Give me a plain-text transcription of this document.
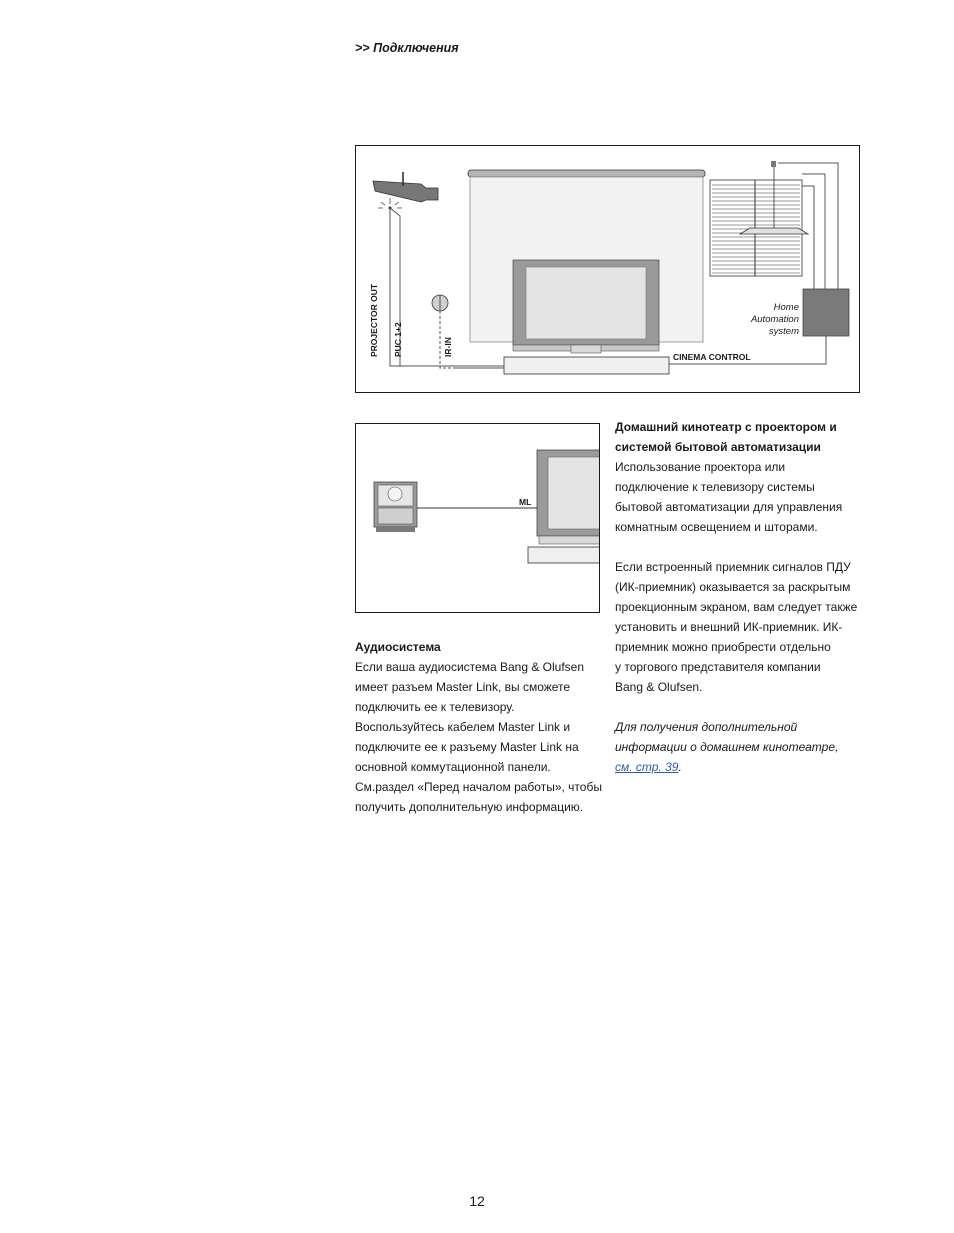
>> Подключения
Home
Automation
system
CINEMA CONTROL
PROJECTOR OUT PUC 1+2	IR-IN
ML

Аудиосистема

Если ваша аудиосистема Bang & Olufsen

имеет разъем Master Link, вы сможете

подключить ее к телевизору.

Воспользуйтесь кабелем Master Link и

подключите ее к разъему Master Link на

основной коммутационной панели.

См.раздел «Перед началом работы», чтобы

получить дополнительную информацию.

Домашний кинотеатр с проектором и

системой бытовой автоматизации

Использование проектора или

подключение к телевизору системы

бытовой автоматизации для управления

комнатным освещением и шторами.

Если встроенный приемник сигналов ПДУ

(ИК-приемник) оказывается за раскрытым

проекционным экраном, вам следует также

установить и внешний ИК-приемник. ИК-

приемник можно приобрести отдельно

у торгового представителя компании

Bang & Olufsen.

Для получения дополнительной

информации о домашнем кинотеатре,

см. стр. 39.

12
